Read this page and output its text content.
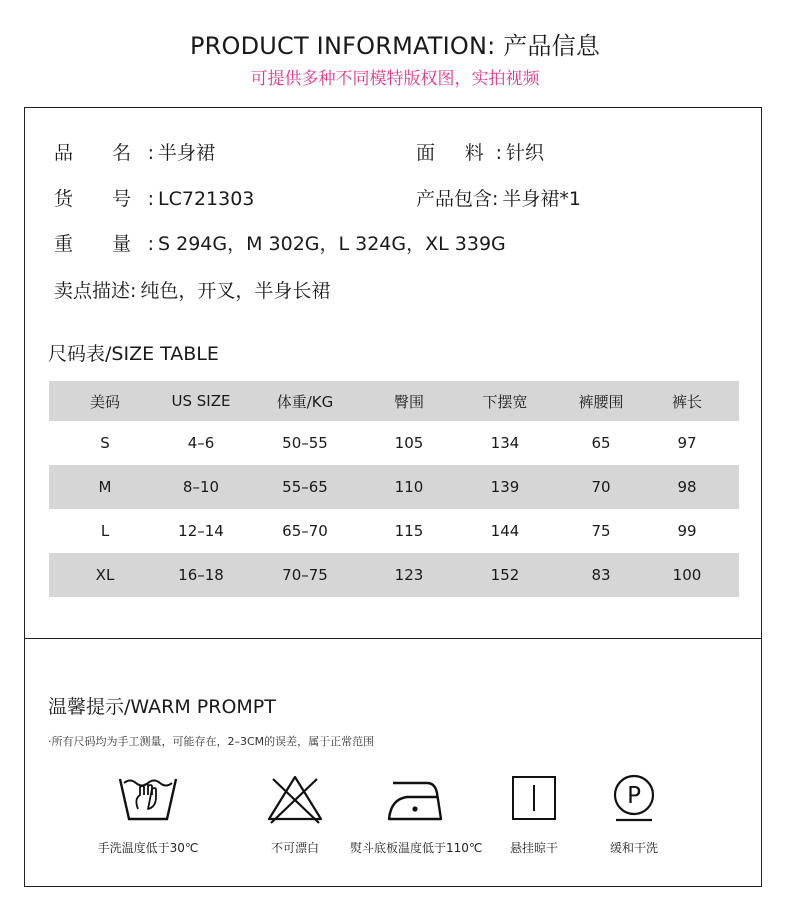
PRODUCT INFORMATION: 产品信息
可提供多种不同模特版权图，实拍视频
品 名: 半身裙	面 料: 针织
货 号: LC721303	产品包含: 半身裙*1
重 量: S 294G，M 302G，L 324G，XL 339G
卖点描述: 纯色，开叉，半身长裙
尺码表/SIZE TABLE
美码	US SIZE	体重/KG	臀围	下摆宽	裤腰围	裤长
S	4–6	50–55	105	134	65	97
M	8–10	55–65	110	139	70	98
L	12–14	65–70	115	144	75	99
XL	16–18	70–75	123	152	83	100
温馨提示/WARM PROMPT
·所有尺码均为手工测量，可能存在，2–3CM的误差，属于正常范围
手洗温度低于30℃	不可漂白	熨斗底板温度低于110℃	悬挂晾干
P
缓和干洗
